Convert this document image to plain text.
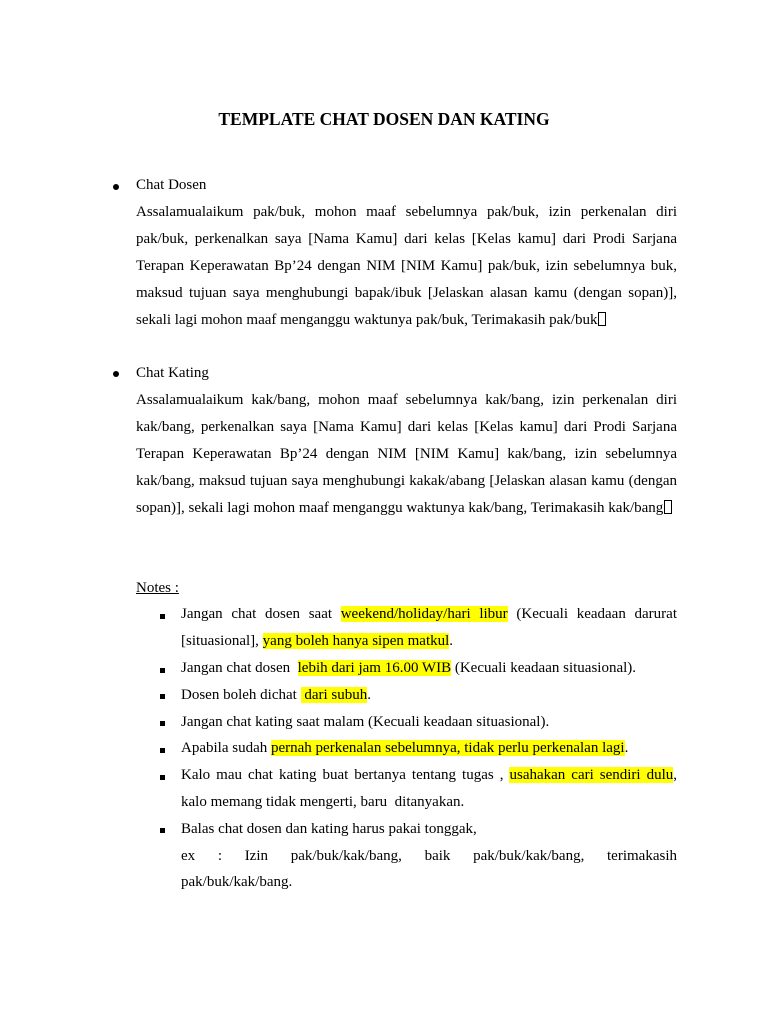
TEMPLATE CHAT DOSEN DAN KATING
Chat Dosen
Assalamualaikum pak/buk, mohon maaf sebelumnya pak/buk, izin perkenalan diri
pak/buk, perkenalkan saya [Nama Kamu] dari kelas [Kelas kamu] dari Prodi Sarjana
Terapan Keperawatan Bp’24 dengan NIM [NIM Kamu] pak/buk, izin sebelumnya buk,
maksud tujuan saya menghubungi bapak/ibuk [Jelaskan alasan kamu (dengan sopan)],
sekali lagi mohon maaf menganggu waktunya pak/buk, Terimakasih pak/buk
Chat Kating
Assalamualaikum kak/bang, mohon maaf sebelumnya kak/bang, izin perkenalan diri
kak/bang, perkenalkan saya [Nama Kamu] dari kelas [Kelas kamu] dari Prodi Sarjana
Terapan Keperawatan Bp’24 dengan NIM [NIM Kamu] kak/bang, izin sebelumnya
kak/bang, maksud tujuan saya menghubungi kakak/abang [Jelaskan alasan kamu (dengan
sopan)], sekali lagi mohon maaf menganggu waktunya kak/bang, Terimakasih kak/bang
Notes :
Jangan chat dosen saat weekend/holiday/hari libur (Kecuali keadaan darurat
[situasional], yang boleh hanya sipen matkul.
Jangan chat dosen  lebih dari jam 16.00 WIB (Kecuali keadaan situasional).
Dosen boleh dichat  dari subuh.
Jangan chat kating saat malam (Kecuali keadaan situasional).
Apabila sudah pernah perkenalan sebelumnya, tidak perlu perkenalan lagi.
Kalo mau chat kating buat bertanya tentang tugas , usahakan cari sendiri dulu,
kalo memang tidak mengerti, baru  ditanyakan.
Balas chat dosen dan kating harus pakai tonggak,
ex : Izin pak/buk/kak/bang, baik pak/buk/kak/bang, terimakasih
pak/buk/kak/bang.
